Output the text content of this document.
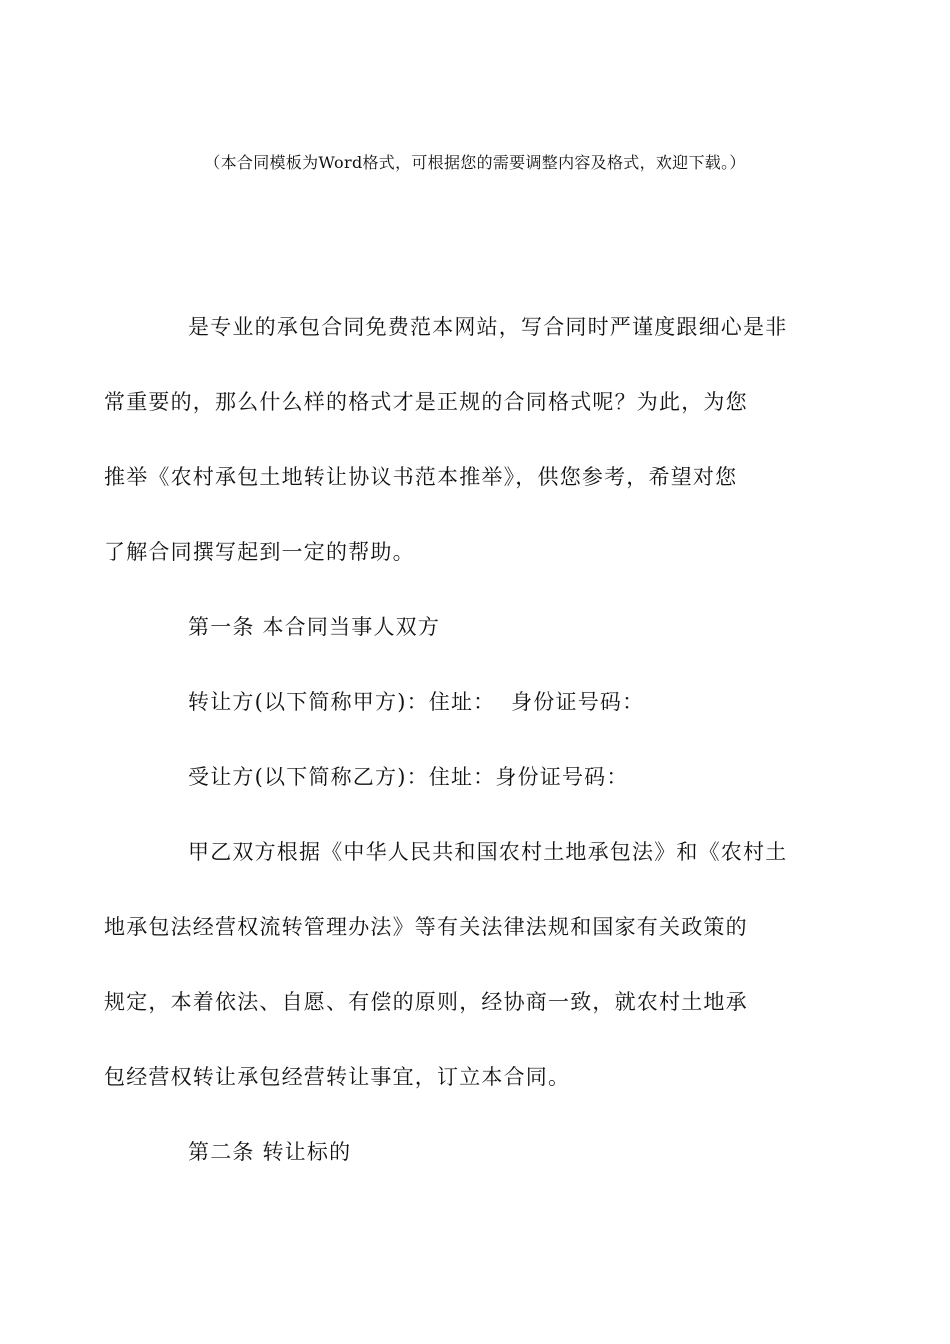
（本合同模板为Word格式，可根据您的需要调整内容及格式，欢迎下载。）

是专业的承包合同免费范本网站，写合同时严谨度跟细心是非
常重要的，那么什么样的格式才是正规的合同格式呢？为此，为您
推举《农村承包土地转让协议书范本推举》，供您参考，希望对您
了解合同撰写起到一定的帮助。

第一条 本合同当事人双方

转让方(以下简称甲方)：住址：  身份证号码：

受让方(以下简称乙方)：住址：身份证号码：

甲乙双方根据《中华人民共和国农村土地承包法》和《农村土
地承包法经营权流转管理办法》等有关法律法规和国家有关政策的
规定，本着依法、自愿、有偿的原则，经协商一致，就农村土地承
包经营权转让承包经营转让事宜，订立本合同。

第二条 转让标的
